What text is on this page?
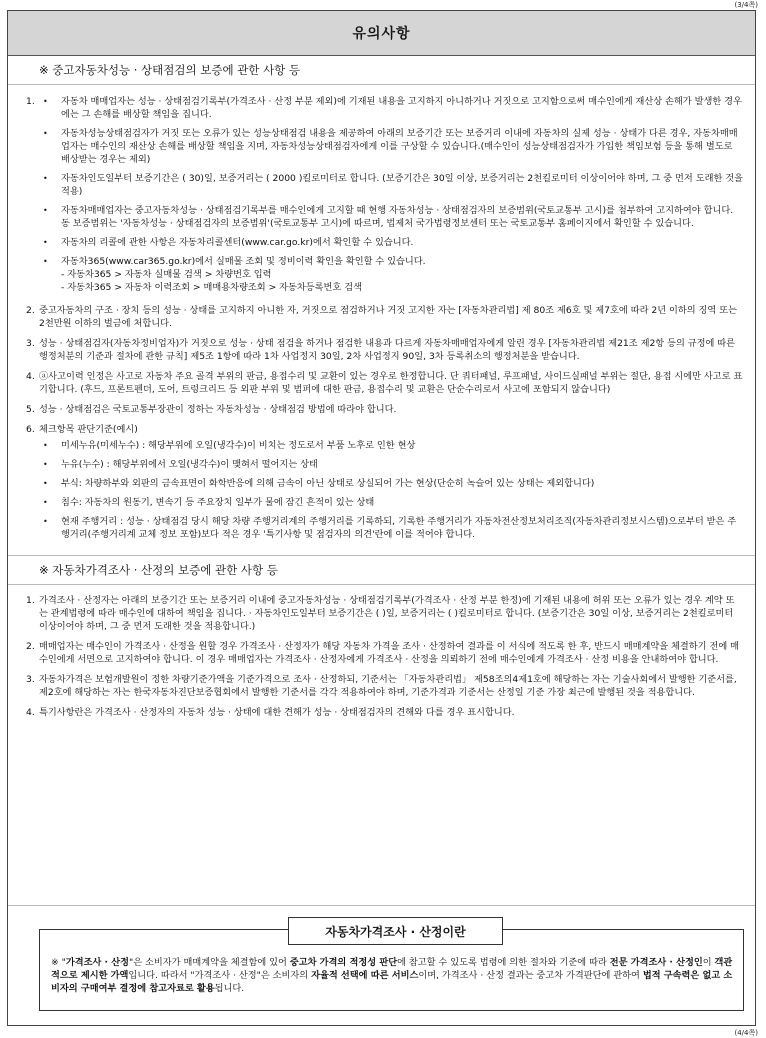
(3/4쪽)
유의사항
※ 중고자동차성능 · 상태점검의 보증에 관한 사항 등
1.	•	자동차 매매업자는 성능 · 상태점검기록부(가격조사 · 산정 부분 제외)에 기재된 내용을 고지하지 아니하거나 거짓으로 고지함으로써 매수인에게 재산상 손해가 발생한 경우에는 그 손해를 배상할 책임을 집니다.
•	자동차성능상태점검자가 거짓 또는 오류가 있는 성능상태점검 내용을 제공하여 아래의 보증기간 또는 보증거리 이내에 자동차의 실제 성능 · 상태가 다른 경우, 자동차매매업자는 매수인의 재산상 손해를 배상할 책임을 지며, 자동차성능상태점검자에게 이를 구상할 수 있습니다.(매수인이 성능상태점검자가 가입한 책임보험 등을 통해 별도로 배상받는 경우는 제외)
•	자동차인도일부터 보증기간은 ( 30)일, 보증거리는 ( 2000 )킬로미터로 합니다. (보증기간은 30일 이상, 보증거리는 2천킬로미터 이상이어야 하며, 그 중 먼저 도래한 것을 적용)
•	자동차매매업자는 중고자동차성능 · 상태점검기록부를 매수인에게 고지할 때 현행 자동차성능 · 상태점검자의 보증범위(국토교통부 고시)를 첨부하여 고지하여야 합니다. 동 보증범위는 '자동차성능 · 상태점검자의 보증범위'(국토교통부 고시)에 따르며, 법제처 국가법령정보센터 또는 국토교통부 홈페이지에서 확인할 수 있습니다.
•	자동차의 리콜에 관한 사항은 자동차리콜센터(www.car.go.kr)에서 확인할 수 있습니다.
•	자동차365(www.car365.go.kr)에서 실매물 조회 및 정비이력 확인을 확인할 수 있습니다.
- 자동차365 > 자동차 실매물 검색 > 차량번호 입력
- 자동차365 > 자동차 이력조회 > 매매용차량조회 > 자동차등록번호 검색
2. 중고자동차의 구조 · 장치 등의 성능 · 상태를 고지하지 아니한 자, 거짓으로 점검하거나 거짓 고지한 자는 [자동차관리법] 제 80조 제6호 및 제7호에 따라 2년 이하의 징역 또는 2천만원 이하의 벌금에 처합니다.
3. 성능 · 상태점검자(자동차정비업자)가 거짓으로 성능 · 상태 점검을 하거나 점검한 내용과 다르게 자동차매매업자에게 알린 경우 [자동차관리법 제21조 제2항 등의 규정에 따른 행정처분의 기준과 절차에 관한 규칙] 제5조 1항에 따라 1차 사업정지 30일, 2차 사업정지 90일, 3차 등록취소의 행정처분을 받습니다.
4. ⓐ사고이력 인정은 사고로 자동차 주요 골격 부위의 판금, 용접수리 및 교환이 있는 경우로 한정합니다. 단 쿼터패널, 루프패널, 사이드실패널 부위는 절단, 용접 시에만 사고로 표기합니다. (후드, 프론트펜더, 도어, 트렁크리드 등 외판 부위 및 범퍼에 대한 판금, 용접수리 및 교환은 단순수리로서 사고에 포함되지 않습니다)
5. 성능 · 상태점검은 국토교통부장관이 정하는 자동차성능 · 상태점검 방법에 따라야 합니다.
6. 체크항목 판단기준(예시)
•	미세누유(미세누수) : 해당부위에 오일(냉각수)이 비치는 정도로서 부품 노후로 인한 현상
•	누유(누수) : 해당부위에서 오일(냉각수)이 맺혀서 떨어지는 상태
•	부식: 차량하부와 외판의 금속표면이 화학반응에 의해 금속이 아닌 상태로 상실되어 가는 현상(단순히 녹슬어 있는 상태는 제외합니다)
•	침수: 자동차의 원동기, 변속기 등 주요장치 일부가 물에 잠긴 흔적이 있는 상태
•	현재 주행거리 : 성능 · 상태점검 당시 해당 차량 주행거리계의 주행거리를 기록하되, 기록한 주행거리가 자동차전산정보처리조직(자동차관리정보시스템)으로부터 받은 주행거리(주행거리계 교체 정보 포함)보다 적은 경우 '특기사항 및 점검자의 의견'란에 이를 적어야 합니다.
※ 자동차가격조사 · 산정의 보증에 관한 사항 등
1. 가격조사 · 산정자는 아래의 보증기간 또는 보증거리 이내에 중고자동차성능 · 상태점검기록부(가격조사 · 산정 부분 한정)에 기재된 내용에 허위 또는 오류가 있는 경우 계약 또는 관계법령에 따라 매수인에 대하여 책임을 집니다. · 자동차인도일부터 보증기간은 ( )일, 보증거리는 ( )킬로미터로 합니다. (보증기간은 30일 이상, 보증거리는 2천킬로미터 이상이어야 하며, 그 중 먼저 도래한 것을 적용합니다.)
2. 매매업자는 매수인이 가격조사 · 산정을 원할 경우 가격조사 · 산정자가 해당 자동차 가격을 조사 · 산정하여 결과를 이 서식에 적도록 한 후, 반드시 매매계약을 체결하기 전에 매수인에게 서면으로 고지하여야 합니다. 이 경우 매매업자는 가격조사 · 산정자에게 가격조사 · 산정을 의뢰하기 전에 매수인에게 가격조사 · 산정 비용을 안내하여야 합니다.
3. 자동차가격은 보험개발원이 정한 차량기준가액을 기준가격으로 조사 · 산정하되, 기준서는 「자동차관리법」 제58조의4제1호에 해당하는 자는 기술사회에서 발행한 기준서를, 제2호에 해당하는 자는 한국자동차진단보증협회에서 발행한 기준서를 각각 적용하여야 하며, 기준가격과 기준서는 산정일 기준 가장 최근에 발행된 것을 적용합니다.
4. 특기사항란은 가격조사 · 산정자의 자동차 성능 · 상태에 대한 견해가 성능 · 상태점검자의 견해와 다를 경우 표시합니다.
자동차가격조사 · 산정이란
※ "가격조사 · 산정"은 소비자가 매매계약을 체결함에 있어 중고차 가격의 적정성 판단에 참고할 수 있도록 법령에 의한 절차와 기준에 따라 전문 가격조사 · 산정인이 객관적으로 제시한 가액입니다. 따라서 "가격조사 · 산정"은 소비자의 자율적 선택에 따른 서비스이며, 가격조사 · 산정 결과는 중고차 가격판단에 관하여 법적 구속력은 없고 소비자의 구매여부 결정에 참고자료로 활용됩니다.
(4/4쪽)
